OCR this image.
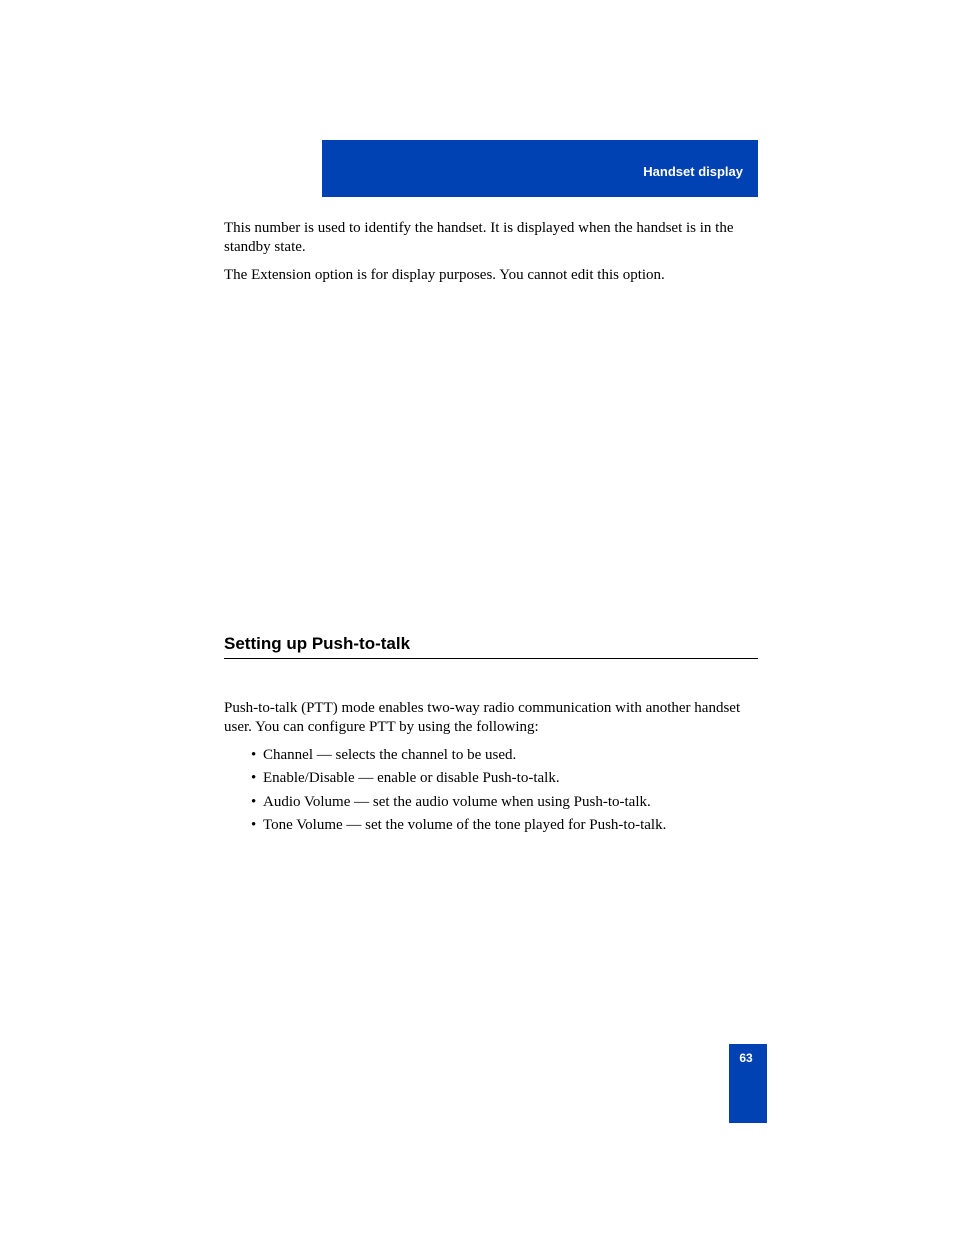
Handset display

This number is used to identify the handset. It is displayed when the handset is in the standby state.

The Extension option is for display purposes. You cannot edit this option.

Setting up Push-to-talk

Push-to-talk (PTT) mode enables two-way radio communication with another handset user. You can configure PTT by using the following:

• Channel — selects the channel to be used.
• Enable/Disable — enable or disable Push-to-talk.
• Audio Volume — set the audio volume when using Push-to-talk.
• Tone Volume — set the volume of the tone played for Push-to-talk.
63
